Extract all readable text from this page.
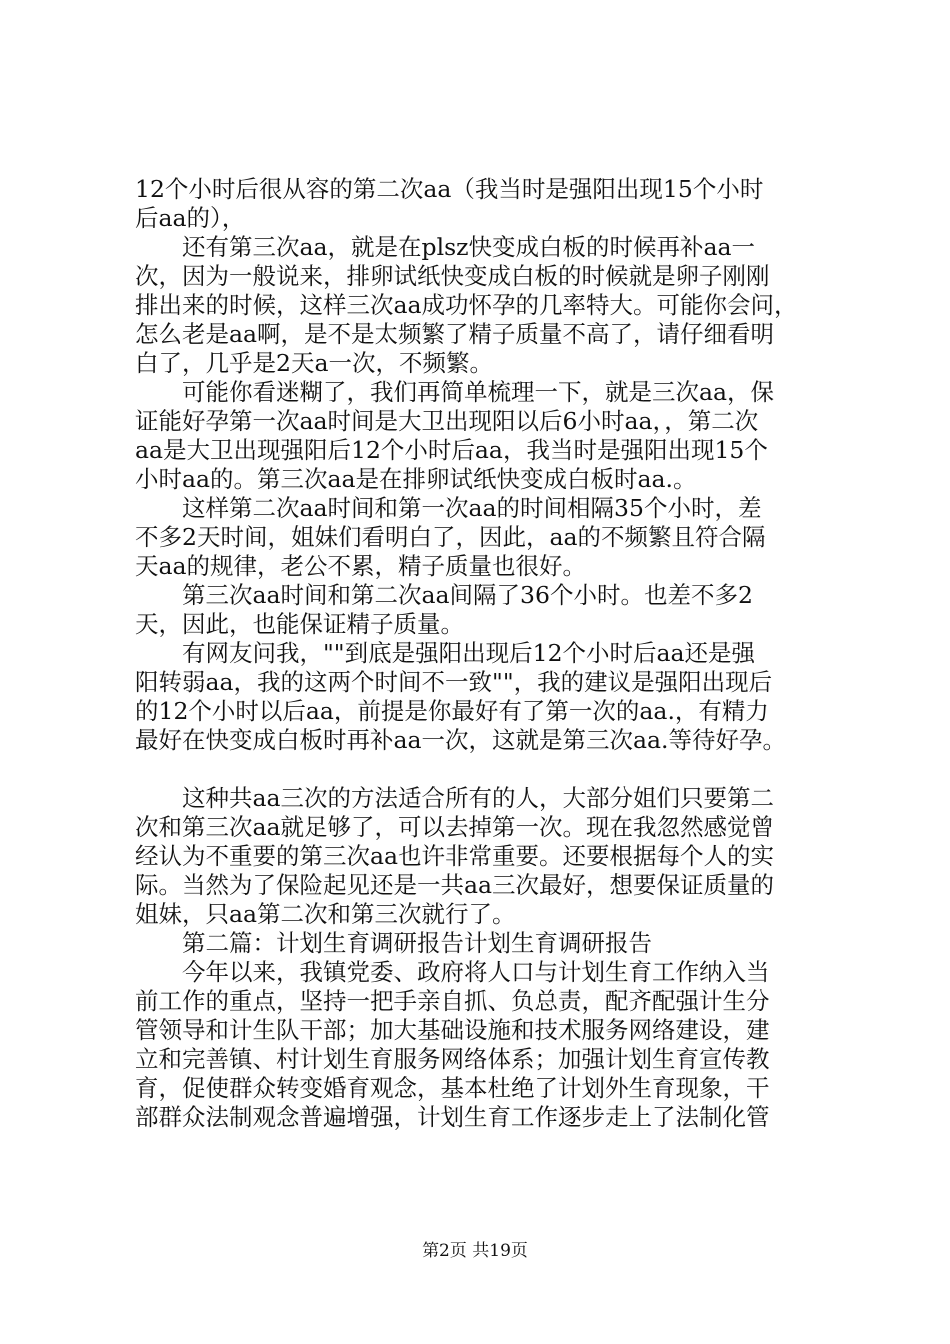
12个小时后很从容的第二次aa（我当时是强阳出现15个小时
后aa的），
还有第三次aa，就是在plsz快变成白板的时候再补aa一
次，因为一般说来，排卵试纸快变成白板的时候就是卵子刚刚
排出来的时候，这样三次aa成功怀孕的几率特大。可能你会问，
怎么老是aa啊，是不是太频繁了精子质量不高了，请仔细看明
白了，几乎是2天a一次，不频繁。
可能你看迷糊了，我们再简单梳理一下，就是三次aa，保
证能好孕第一次aa时间是大卫出现阳以后6小时aa，，第二次
aa是大卫出现强阳后12个小时后aa，我当时是强阳出现15个
小时aa的。第三次aa是在排卵试纸快变成白板时aa.。
这样第二次aa时间和第一次aa的时间相隔35个小时，差
不多2天时间，姐妹们看明白了，因此，aa的不频繁且符合隔
天aa的规律，老公不累，精子质量也很好。
第三次aa时间和第二次aa间隔了36个小时。也差不多2
天，因此，也能保证精子质量。
有网友问我，""到底是强阳出现后12个小时后aa还是强
阳转弱aa，我的这两个时间不一致""，我的建议是强阳出现后
的12个小时以后aa，前提是你最好有了第一次的aa.，有精力
最好在快变成白板时再补aa一次，这就是第三次aa.等待好孕。
这种共aa三次的方法适合所有的人，大部分姐们只要第二
次和第三次aa就足够了，可以去掉第一次。现在我忽然感觉曾
经认为不重要的第三次aa也许非常重要。还要根据每个人的实
际。当然为了保险起见还是一共aa三次最好，想要保证质量的
姐妹，只aa第二次和第三次就行了。
第二篇：计划生育调研报告计划生育调研报告
今年以来，我镇党委、政府将人口与计划生育工作纳入当
前工作的重点，坚持一把手亲自抓、负总责，配齐配强计生分
管领导和计生队干部；加大基础设施和技术服务网络建设，建
立和完善镇、村计划生育服务网络体系；加强计划生育宣传教
育，促使群众转变婚育观念，基本杜绝了计划外生育现象，干
部群众法制观念普遍增强，计划生育工作逐步走上了法制化管
第2页 共19页
